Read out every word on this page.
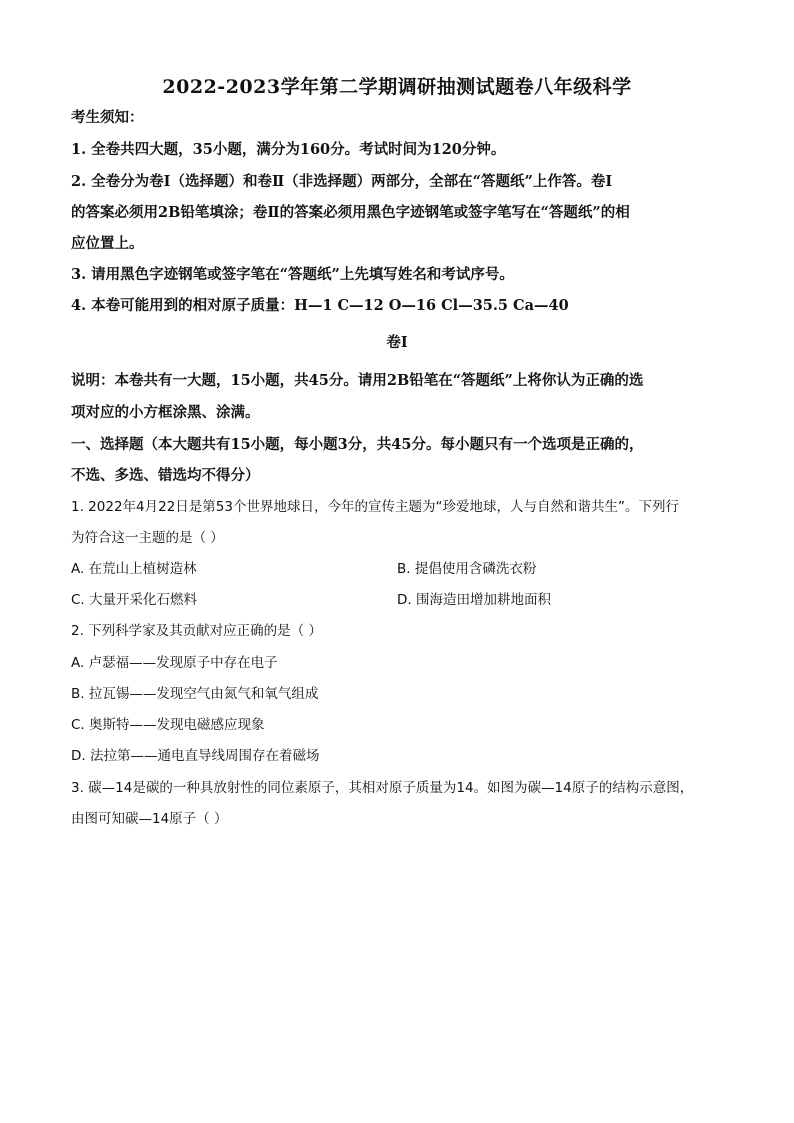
2022-2023学年第二学期调研抽测试题卷八年级科学
考生须知：
1. 全卷共四大题，35小题，满分为160分。考试时间为120分钟。
2. 全卷分为卷Ⅰ（选择题）和卷Ⅱ（非选择题）两部分，全部在“答题纸”上作答。卷Ⅰ
的答案必须用2B铅笔填涂；卷Ⅱ的答案必须用黑色字迹钢笔或签字笔写在“答题纸”的相
应位置上。
3. 请用黑色字迹钢笔或签字笔在“答题纸”上先填写姓名和考试序号。
4. 本卷可能用到的相对原子质量：H—1 C—12 O—16 Cl—35.5 Ca—40
卷Ⅰ
说明：本卷共有一大题，15小题，共45分。请用2B铅笔在“答题纸”上将你认为正确的选
项对应的小方框涂黑、涂满。
一、选择题（本大题共有15小题，每小题3分，共45分。每小题只有一个选项是正确的，
不选、多选、错选均不得分）
1. 2022年4月22日是第53个世界地球日，今年的宣传主题为“珍爱地球，人与自然和谐共生”。下列行
为符合这一主题的是（ ）
A. 在荒山上植树造林	B. 提倡使用含磷洗衣粉
C. 大量开采化石燃料	D. 围海造田增加耕地面积
2. 下列科学家及其贡献对应正确的是（ ）
A. 卢瑟福——发现原子中存在电子
B. 拉瓦锡——发现空气由氮气和氧气组成
C. 奥斯特——发现电磁感应现象
D. 法拉第——通电直导线周围存在着磁场
3. 碳—14是碳的一种具放射性的同位素原子，其相对原子质量为14。如图为碳—14原子的结构示意图，
由图可知碳—14原子（ ）
